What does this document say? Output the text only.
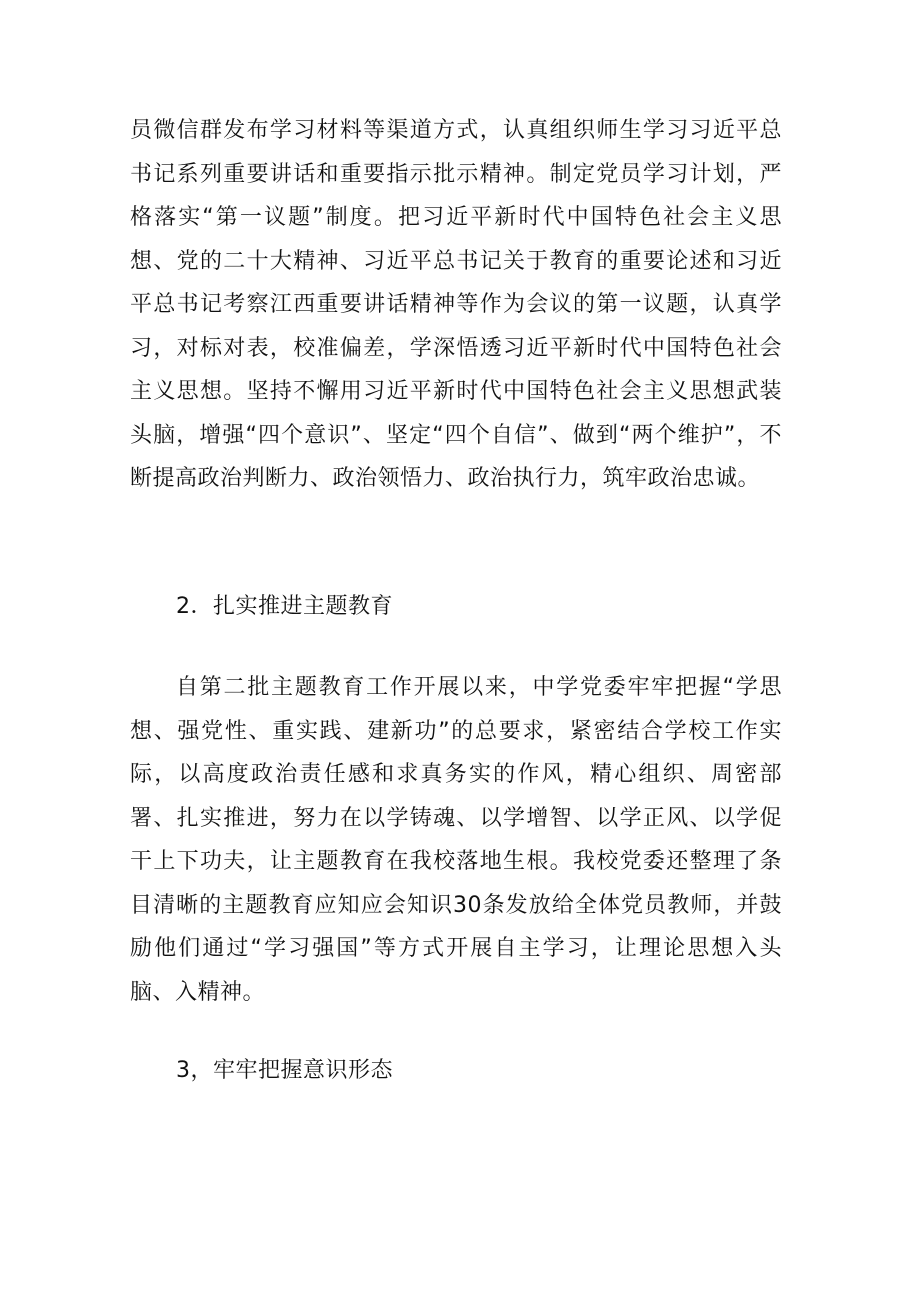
员微信群发布学习材料等渠道方式，认真组织师生学习习近平总书记系列重要讲话和重要指示批示精神。制定党员学习计划，严格落实“第一议题”制度。把习近平新时代中国特色社会主义思想、党的二十大精神、习近平总书记关于教育的重要论述和习近平总书记考察江西重要讲话精神等作为会议的第一议题，认真学习，对标对表，校准偏差，学深悟透习近平新时代中国特色社会主义思想。坚持不懈用习近平新时代中国特色社会主义思想武装头脑，增强“四个意识”、坚定“四个自信”、做到“两个维护”，不断提高政治判断力、政治领悟力、政治执行力，筑牢政治忠诚。

2．扎实推进主题教育

自第二批主题教育工作开展以来，中学党委牢牢把握“学思想、强党性、重实践、建新功”的总要求，紧密结合学校工作实际，以高度政治责任感和求真务实的作风，精心组织、周密部署、扎实推进，努力在以学铸魂、以学增智、以学正风、以学促干上下功夫，让主题教育在我校落地生根。我校党委还整理了条目清晰的主题教育应知应会知识30条发放给全体党员教师，并鼓励他们通过“学习强国”等方式开展自主学习，让理论思想入头脑、入精神。

3，牢牢把握意识形态
